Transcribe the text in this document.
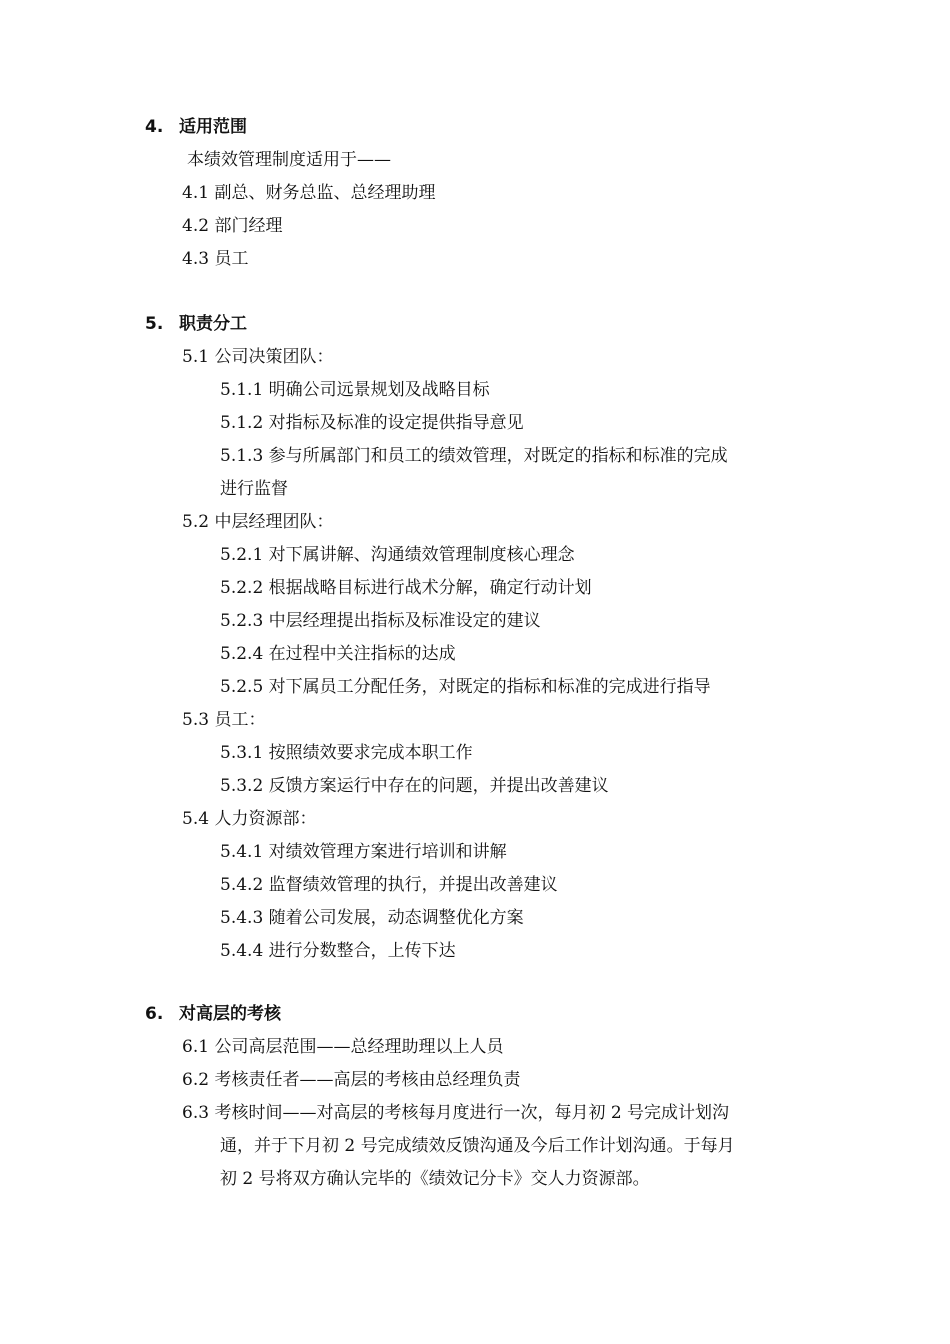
4. 适用范围
本绩效管理制度适用于——
4.1 副总、财务总监、总经理助理
4.2 部门经理
4.3 员工
5. 职责分工
5.1 公司决策团队：
5.1.1 明确公司远景规划及战略目标
5.1.2 对指标及标准的设定提供指导意见
5.1.3 参与所属部门和员工的绩效管理，对既定的指标和标准的完成
进行监督
5.2 中层经理团队：
5.2.1 对下属讲解、沟通绩效管理制度核心理念
5.2.2 根据战略目标进行战术分解，确定行动计划
5.2.3 中层经理提出指标及标准设定的建议
5.2.4 在过程中关注指标的达成
5.2.5 对下属员工分配任务，对既定的指标和标准的完成进行指导
5.3 员工：
5.3.1 按照绩效要求完成本职工作
5.3.2 反馈方案运行中存在的问题，并提出改善建议
5.4 人力资源部：
5.4.1 对绩效管理方案进行培训和讲解
5.4.2 监督绩效管理的执行，并提出改善建议
5.4.3 随着公司发展，动态调整优化方案
5.4.4 进行分数整合，上传下达
6. 对高层的考核
6.1 公司高层范围——总经理助理以上人员
6.2 考核责任者——高层的考核由总经理负责
6.3 考核时间——对高层的考核每月度进行一次，每月初 2 号完成计划沟
通，并于下月初 2 号完成绩效反馈沟通及今后工作计划沟通。于每月
初 2 号将双方确认完毕的《绩效记分卡》交人力资源部。
